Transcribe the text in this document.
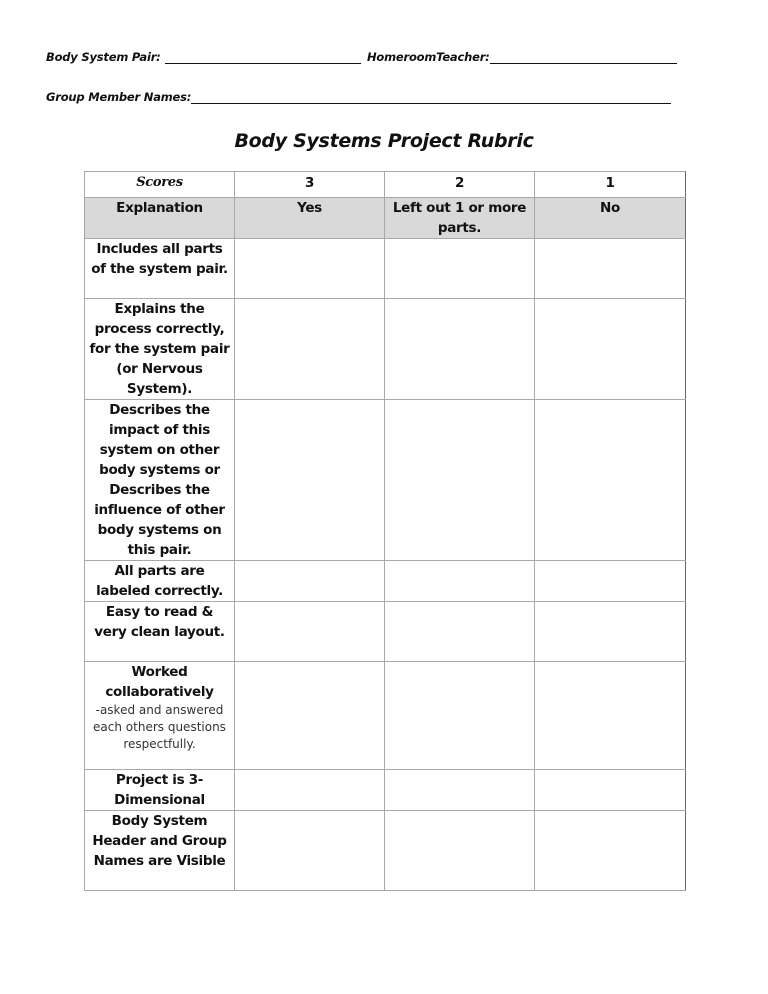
Body System Pair:	HomeroomTeacher:
Group Member Names:
Body Systems Project Rubric
Scores	3	2	1
Explanation	Yes	Left out 1 or more parts.	No
Includes all parts of the system pair.			
Explains the process correctly, for the system pair (or Nervous System).			
Describes the impact of this system on other body systems or Describes the influence of other body systems on this pair.			
All parts are labeled correctly.			
Easy to read & very clean layout.			
Worked collaboratively
-asked and answered each others questions respectfully.			

Project is 3-Dimensional			
Body System Header and Group Names are Visible			
